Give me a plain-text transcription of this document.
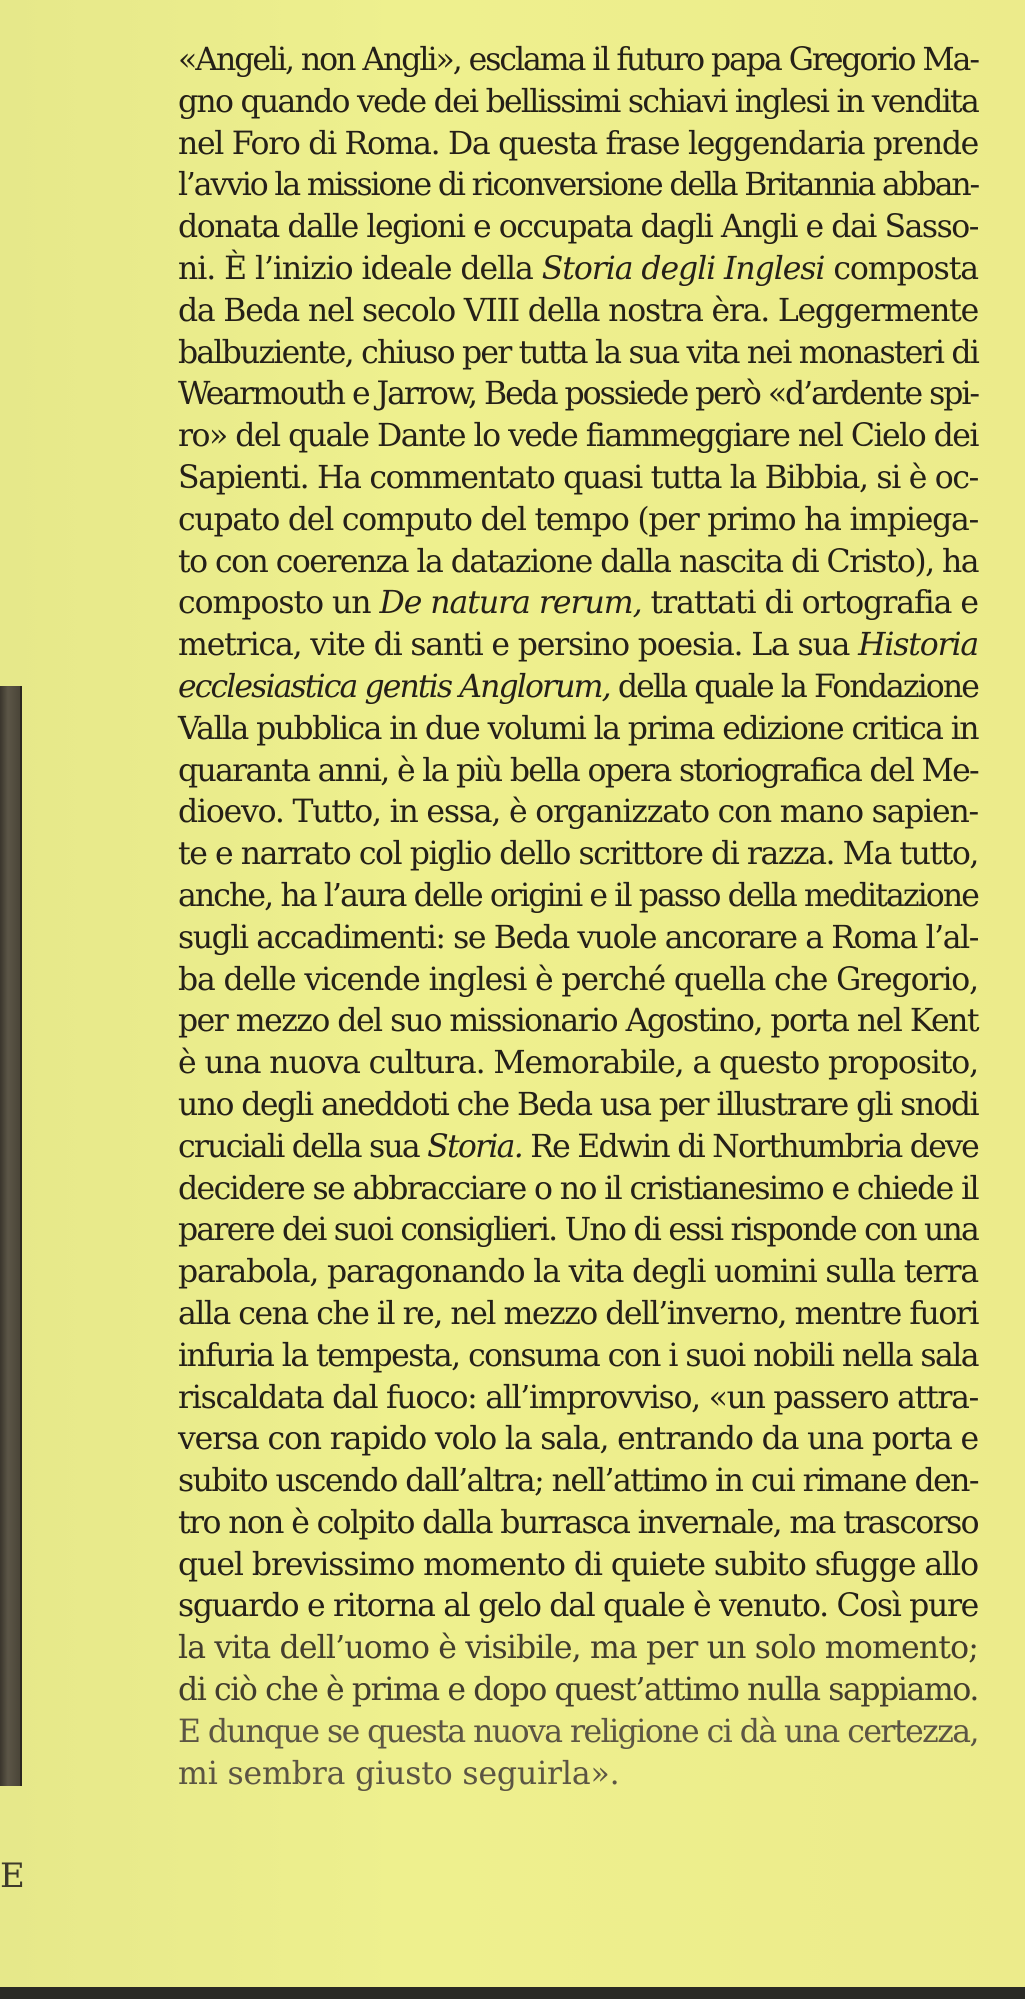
E
«Angeli, non Angli», esclama il futuro papa Gregorio Ma-
gno quando vede dei bellissimi schiavi inglesi in vendita
nel Foro di Roma. Da questa frase leggendaria prende
l’avvio la missione di riconversione della Britannia abban-
donata dalle legioni e occupata dagli Angli e dai Sasso-
ni. È l’inizio ideale della Storia degli Inglesi composta
da Beda nel secolo VIII della nostra èra. Leggermente
balbuziente, chiuso per tutta la sua vita nei monasteri di
Wearmouth e Jarrow, Beda possiede però «d’ardente spi-
ro» del quale Dante lo vede fiammeggiare nel Cielo dei
Sapienti. Ha commentato quasi tutta la Bibbia, si è oc-
cupato del computo del tempo (per primo ha impiega-
to con coerenza la datazione dalla nascita di Cristo), ha
composto un De natura rerum, trattati di ortografia e
metrica, vite di santi e persino poesia. La sua Historia
ecclesiastica gentis Anglorum, della quale la Fondazione
Valla pubblica in due volumi la prima edizione critica in
quaranta anni, è la più bella opera storiografica del Me-
dioevo. Tutto, in essa, è organizzato con mano sapien-
te e narrato col piglio dello scrittore di razza. Ma tutto,
anche, ha l’aura delle origini e il passo della meditazione
sugli accadimenti: se Beda vuole ancorare a Roma l’al-
ba delle vicende inglesi è perché quella che Gregorio,
per mezzo del suo missionario Agostino, porta nel Kent
è una nuova cultura. Memorabile, a questo proposito,
uno degli aneddoti che Beda usa per illustrare gli snodi
cruciali della sua Storia. Re Edwin di Northumbria deve
decidere se abbracciare o no il cristianesimo e chiede il
parere dei suoi consiglieri. Uno di essi risponde con una
parabola, paragonando la vita degli uomini sulla terra
alla cena che il re, nel mezzo dell’inverno, mentre fuori
infuria la tempesta, consuma con i suoi nobili nella sala
riscaldata dal fuoco: all’improvviso, «un passero attra-
versa con rapido volo la sala, entrando da una porta e
subito uscendo dall’altra; nell’attimo in cui rimane den-
tro non è colpito dalla burrasca invernale, ma trascorso
quel brevissimo momento di quiete subito sfugge allo
sguardo e ritorna al gelo dal quale è venuto. Così pure
la vita dell’uomo è visibile, ma per un solo momento;
di ciò che è prima e dopo quest’attimo nulla sappiamo.
E dunque se questa nuova religione ci dà una certezza,
mi sembra giusto seguirla».
